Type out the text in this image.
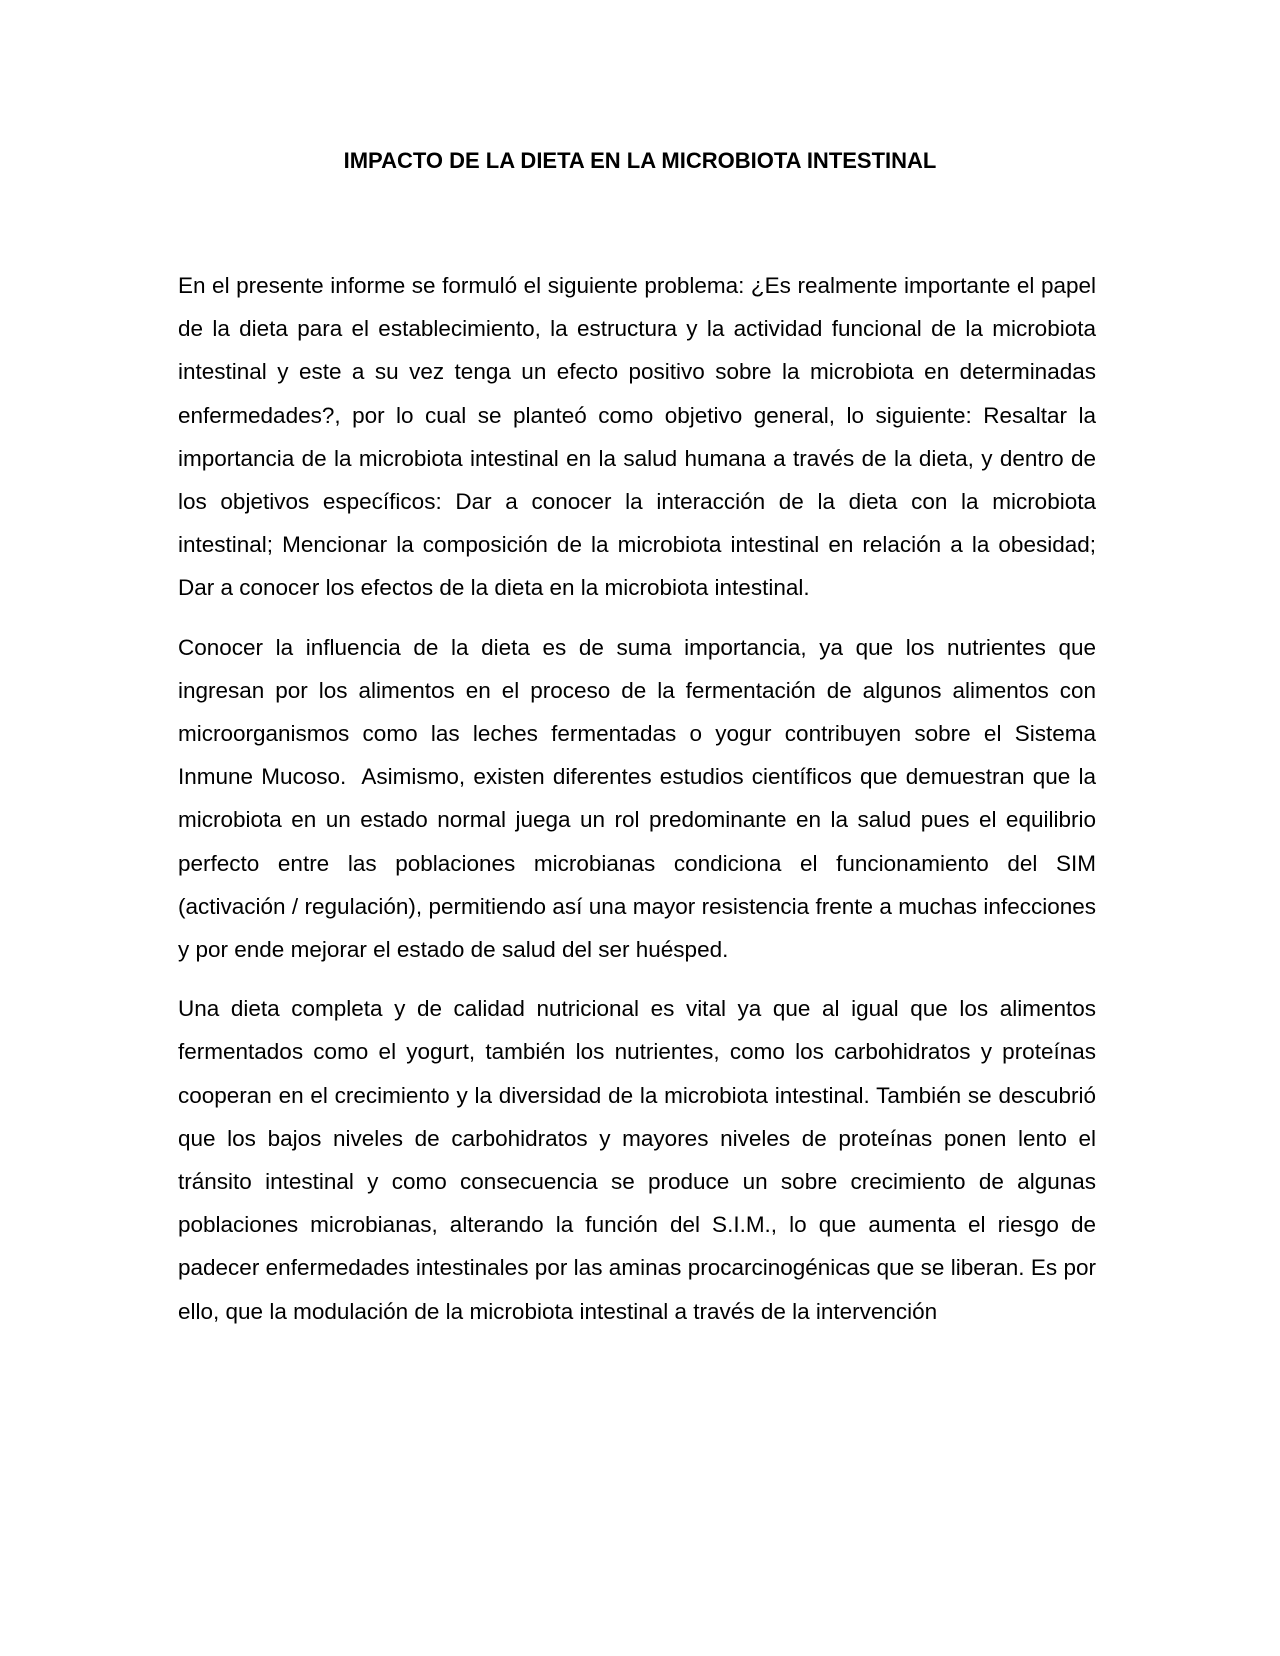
IMPACTO DE LA DIETA EN LA MICROBIOTA INTESTINAL

En el presente informe se formuló el siguiente problema: ¿Es realmente importante el papel de la dieta para el establecimiento, la estructura y la actividad funcional de la microbiota intestinal y este a su vez tenga un efecto positivo sobre la microbiota en determinadas enfermedades?, por lo cual se planteó como objetivo general, lo siguiente: Resaltar la importancia de la microbiota intestinal en la salud humana a través de la dieta, y dentro de los objetivos específicos: Dar a conocer la interacción de la dieta con la microbiota intestinal; Mencionar la composición de la microbiota intestinal en relación a la obesidad; Dar a conocer los efectos de la dieta en la microbiota intestinal.

Conocer la influencia de la dieta es de suma importancia, ya que los nutrientes que ingresan por los alimentos en el proceso de la fermentación de algunos alimentos con microorganismos como las leches fermentadas o yogur contribuyen sobre el Sistema Inmune Mucoso.  Asimismo, existen diferentes estudios científicos que demuestran que la microbiota en un estado normal juega un rol predominante en la salud pues el equilibrio perfecto entre las poblaciones microbianas condiciona el funcionamiento del SIM (activación / regulación), permitiendo así una mayor resistencia frente a muchas infecciones y por ende mejorar el estado de salud del ser huésped.

Una dieta completa y de calidad nutricional es vital ya que al igual que los alimentos fermentados como el yogurt, también los nutrientes, como los carbohidratos y proteínas cooperan en el crecimiento y la diversidad de la microbiota intestinal. También se descubrió que los bajos niveles de carbohidratos y mayores niveles de proteínas ponen lento el tránsito intestinal y como consecuencia se produce un sobre crecimiento de algunas poblaciones microbianas, alterando la función del S.I.M., lo que aumenta el riesgo de padecer enfermedades intestinales por las aminas procarcinogénicas que se liberan. Es por ello, que la modulación de la microbiota intestinal a través de la intervención
